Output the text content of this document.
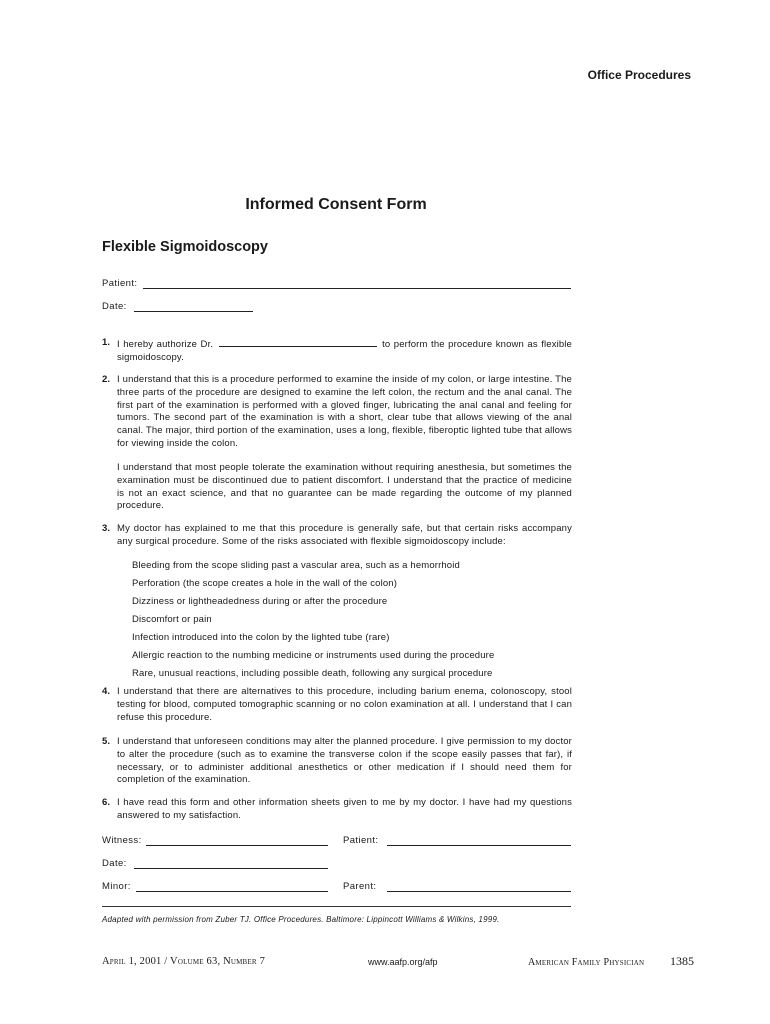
Office Procedures
Informed Consent Form
Flexible Sigmoidoscopy
Patient:
Date:
1. I hereby authorize Dr.	to perform the procedure known as flexible sigmoidoscopy.
2. I understand that this is a procedure performed to examine the inside of my colon, or large intestine. The three parts of the procedure are designed to examine the left colon, the rectum and the anal canal. The first part of the examination is performed with a gloved finger, lubricating the anal canal and feeling for tumors. The second part of the examination is with a short, clear tube that allows viewing of the anal canal. The major, third portion of the examination, uses a long, flexible, fiberoptic lighted tube that allows for viewing inside the colon.
I understand that most people tolerate the examination without requiring anesthesia, but sometimes the examination must be discontinued due to patient discomfort. I understand that the practice of medicine is not an exact science, and that no guarantee can be made regarding the outcome of my planned procedure.
3. My doctor has explained to me that this procedure is generally safe, but that certain risks accompany any surgical procedure. Some of the risks associated with flexible sigmoidoscopy include:
Bleeding from the scope sliding past a vascular area, such as a hemorrhoid
Perforation (the scope creates a hole in the wall of the colon)
Dizziness or lightheadedness during or after the procedure
Discomfort or pain
Infection introduced into the colon by the lighted tube (rare)
Allergic reaction to the numbing medicine or instruments used during the procedure
Rare, unusual reactions, including possible death, following any surgical procedure
4. I understand that there are alternatives to this procedure, including barium enema, colonoscopy, stool testing for blood, computed tomographic scanning or no colon examination at all. I understand that I can refuse this procedure.
5. I understand that unforeseen conditions may alter the planned procedure. I give permission to my doctor to alter the procedure (such as to examine the transverse colon if the scope easily passes that far), if necessary, or to administer additional anesthetics or other medication if I should need them for completion of the examination.
6. I have read this form and other information sheets given to me by my doctor. I have had my questions answered to my satisfaction.
Witness:	Patient:
Date:
Minor:	Parent:
Adapted with permission from Zuber TJ. Office Procedures. Baltimore: Lippincott Williams & Wilkins, 1999.
April 1, 2001 / Volume 63, Number 7	www.aafp.org/afp	American Family Physician 1385
